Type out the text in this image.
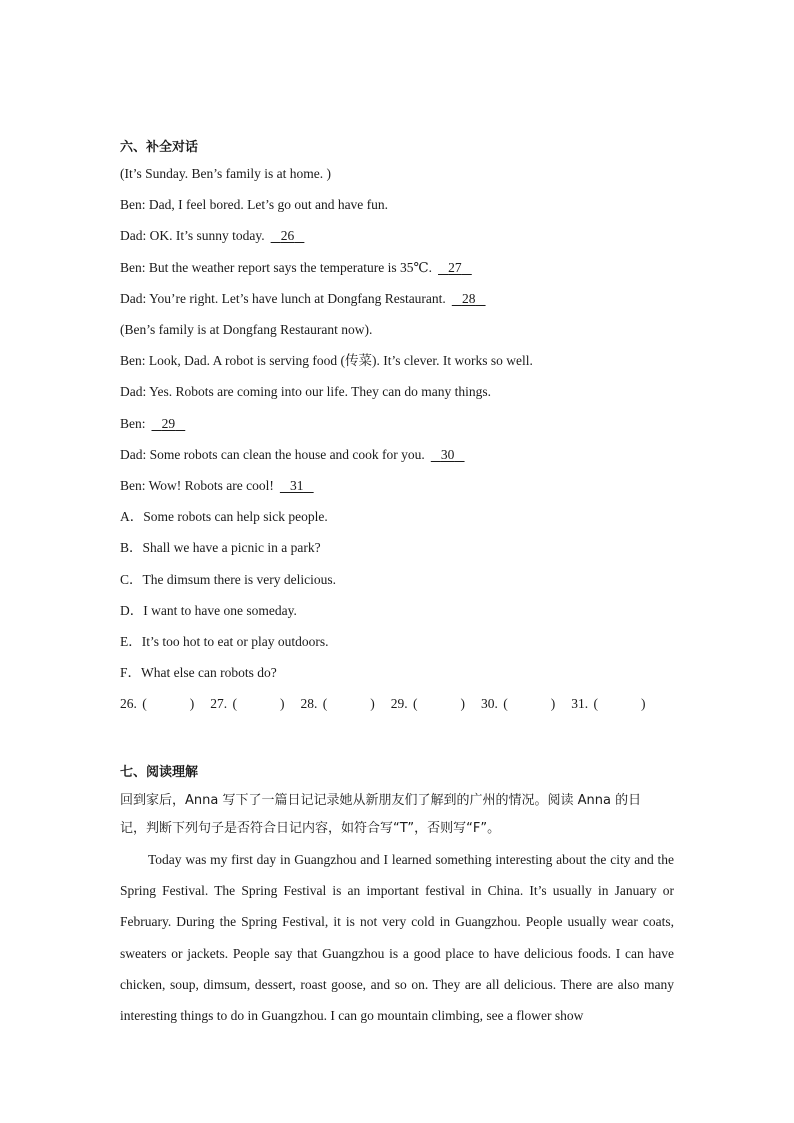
六、补全对话
(It’s Sunday. Ben’s family is at home. )
Ben: Dad, I feel bored. Let’s go out and have fun.
Dad: OK. It’s sunny today. 26
Ben: But the weather report says the temperature is 35℃. 27
Dad: You’re right. Let’s have lunch at Dongfang Restaurant. 28
(Ben’s family is at Dongfang Restaurant now).
Ben: Look, Dad. A robot is serving food (传菜). It’s clever. It works so well.
Dad: Yes. Robots are coming into our life. They can do many things.
Ben: 29
Dad: Some robots can clean the house and cook for you. 30
Ben: Wow! Robots are cool! 31
A．Some robots can help sick people.
B．Shall we have a picnic in a park?
C．The dimsum there is very delicious.
D．I want to have one someday.
E．It’s too hot to eat or play outdoors.
F．What else can robots do?
26. (        ) 27. (        ) 28. (        ) 29. (        ) 30. (        ) 31. (        )
七、阅读理解
回到家后，Anna 写下了一篇日记记录她从新朋友们了解到的广州的情况。阅读 Anna 的日
记，判断下列句子是否符合日记内容，如符合写“T”，否则写“F”。
Today was my first day in Guangzhou and I learned something interesting about the city and the Spring Festival. The Spring Festival is an important festival in China. It’s usually in January or February. During the Spring Festival, it is not very cold in Guangzhou. People usually wear coats, sweaters or jackets. People say that Guangzhou is a good place to have delicious foods. I can have chicken, soup, dimsum, dessert, roast goose, and so on. They are all delicious. There are also many interesting things to do in Guangzhou. I can go mountain climbing, see a flower show
